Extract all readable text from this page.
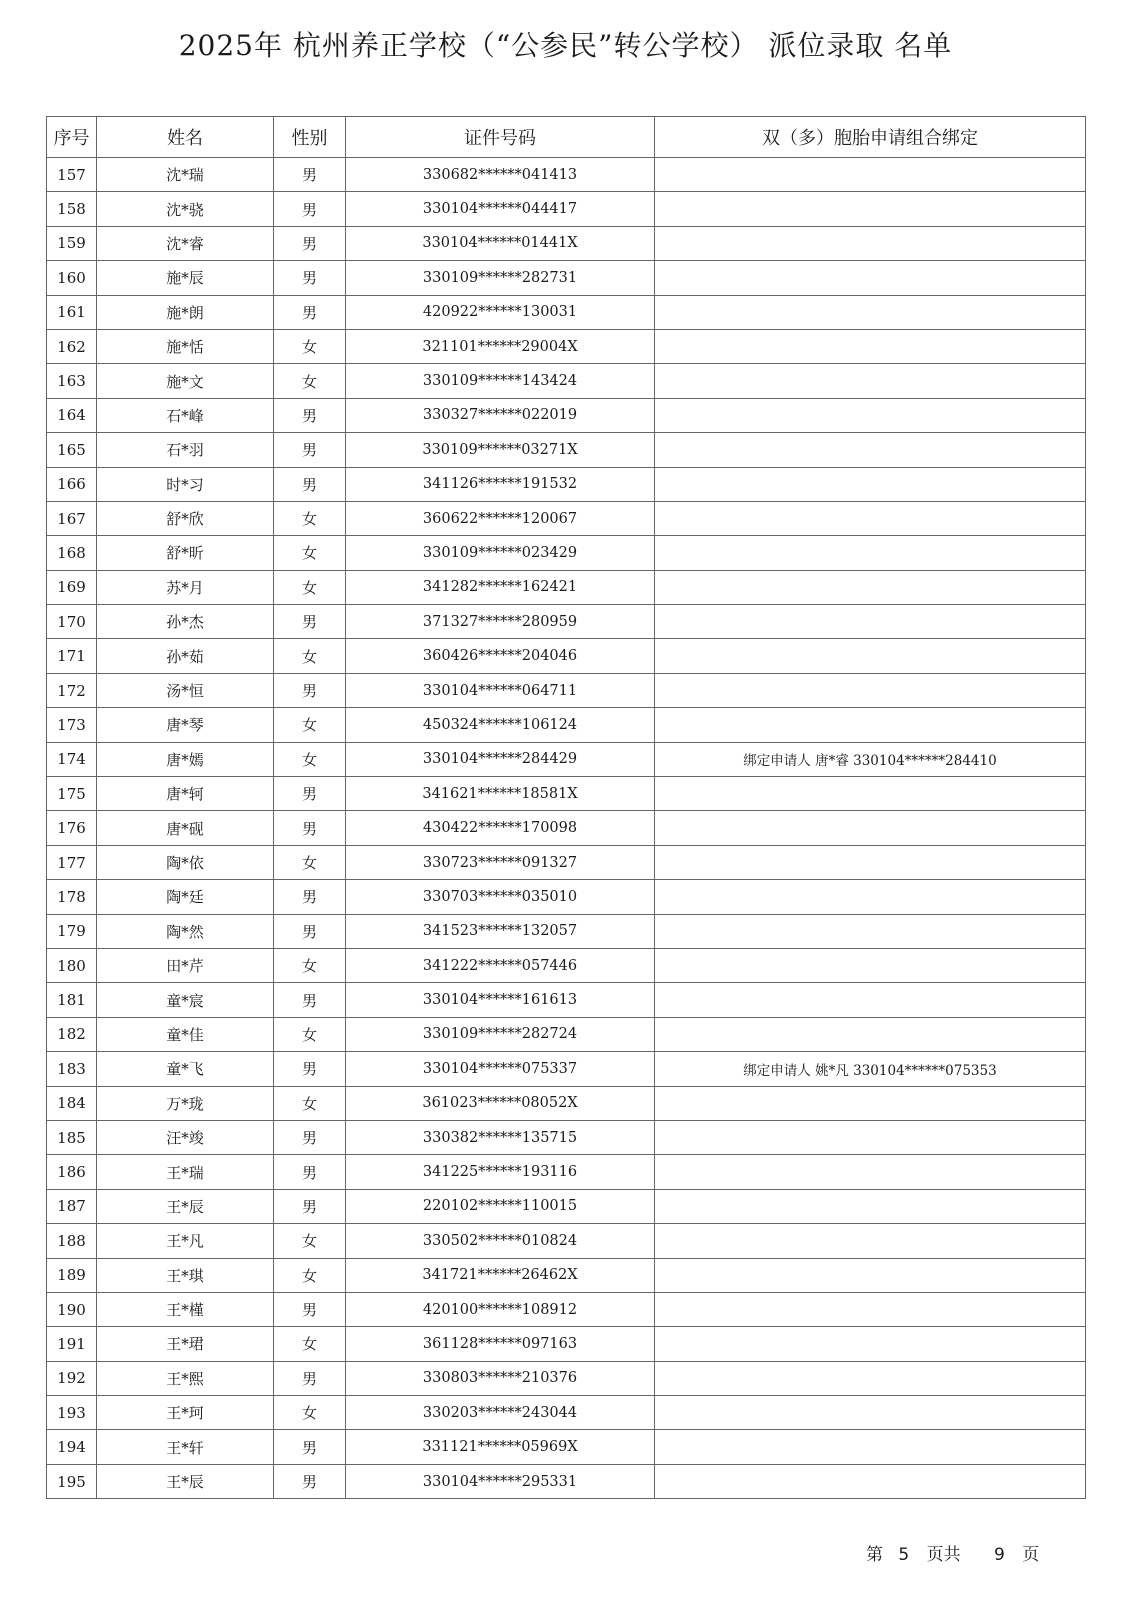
2025年 杭州养正学校（“公参民”转公学校） 派位录取 名单
序号	姓名	性别	证件号码	双（多）胞胎申请组合绑定
157	沈*瑞	男	330682******041413	
158	沈*骁	男	330104******044417	
159	沈*睿	男	330104******01441X	
160	施*辰	男	330109******282731	
161	施*朗	男	420922******130031	
162	施*恬	女	321101******29004X	
163	施*文	女	330109******143424	
164	石*峰	男	330327******022019	
165	石*羽	男	330109******03271X	
166	时*习	男	341126******191532	
167	舒*欣	女	360622******120067	
168	舒*昕	女	330109******023429	
169	苏*月	女	341282******162421	
170	孙*杰	男	371327******280959	
171	孙*茹	女	360426******204046	
172	汤*恒	男	330104******064711	
173	唐*琴	女	450324******106124	
174	唐*嫣	女	330104******284429	绑定申请人 唐*睿 330104******284410
175	唐*轲	男	341621******18581X	
176	唐*砚	男	430422******170098	
177	陶*依	女	330723******091327	
178	陶*廷	男	330703******035010	
179	陶*然	男	341523******132057	
180	田*芹	女	341222******057446	
181	童*宸	男	330104******161613	
182	童*佳	女	330109******282724	
183	童*飞	男	330104******075337	绑定申请人 姚*凡 330104******075353
184	万*珑	女	361023******08052X	
185	汪*竣	男	330382******135715	
186	王*瑞	男	341225******193116	
187	王*辰	男	220102******110015	
188	王*凡	女	330502******010824	
189	王*琪	女	341721******26462X	
190	王*槿	男	420100******108912	
191	王*珺	女	361128******097163	
192	王*熙	男	330803******210376	
193	王*珂	女	330203******243044	
194	王*轩	男	331121******05969X	
195	王*辰	男	330104******295331	
第 5 页共 9 页
